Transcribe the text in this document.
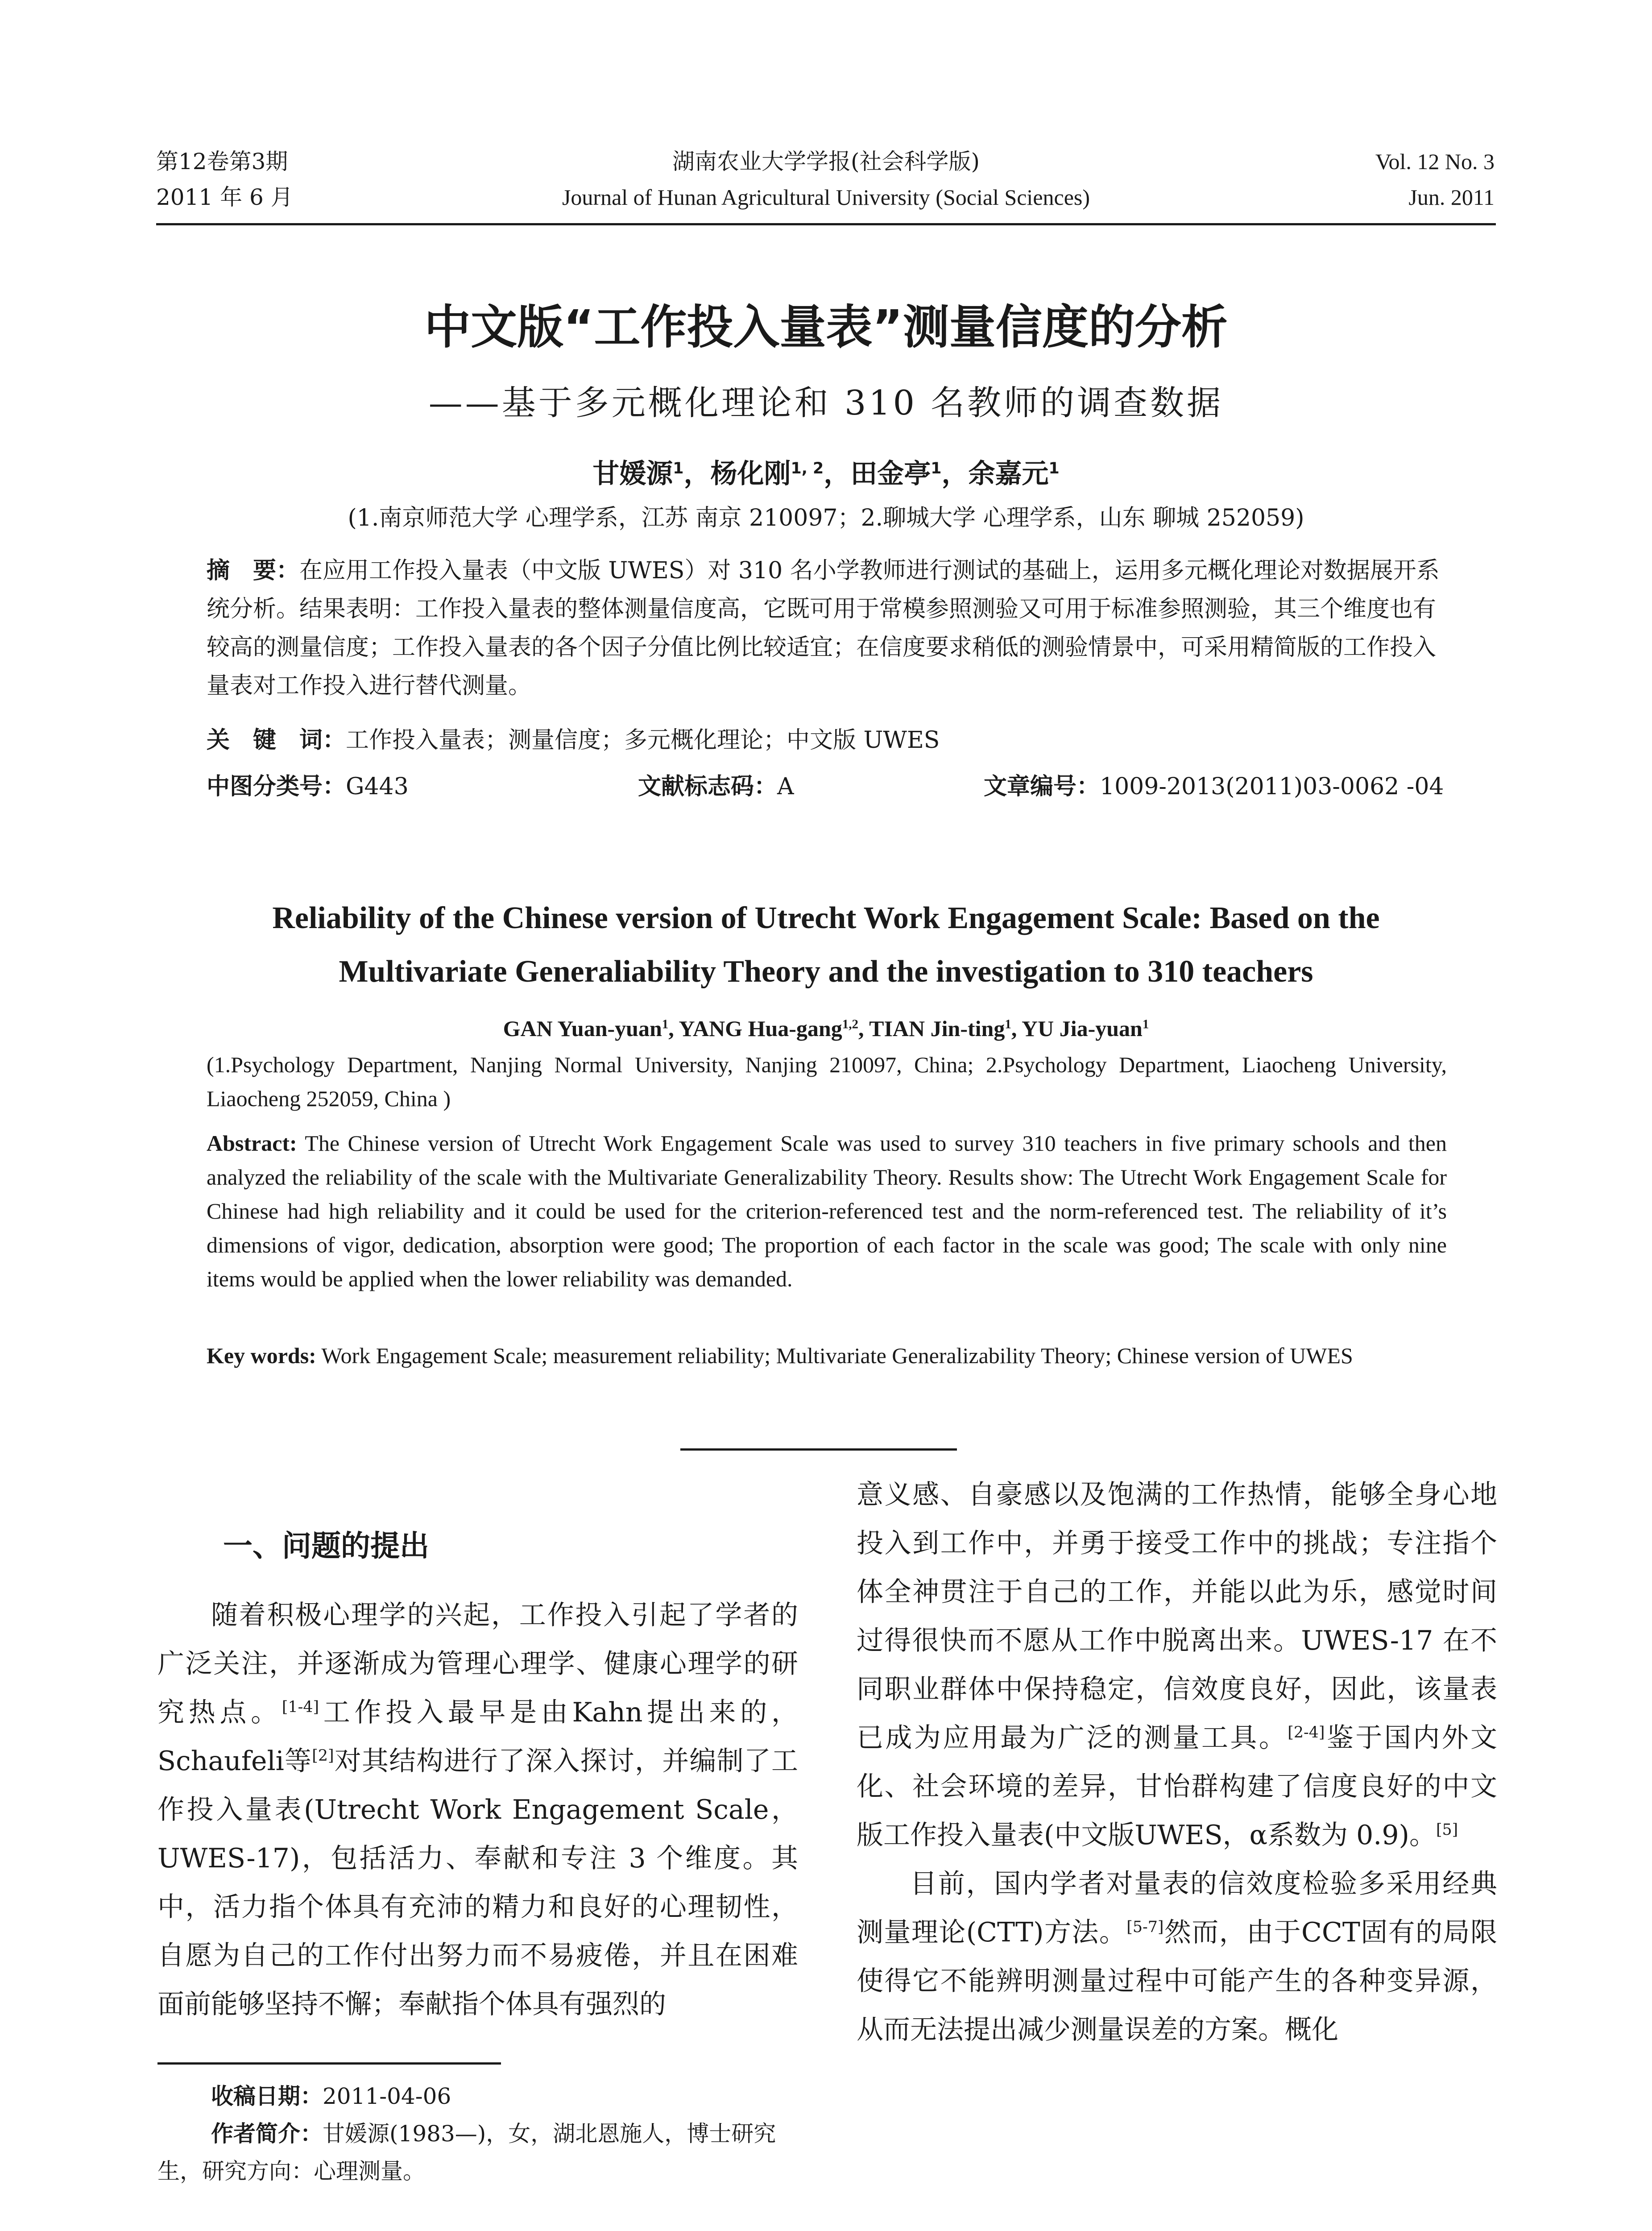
第12卷第3期
2011 年 6 月
湖南农业大学学报(社会科学版)
Journal of Hunan Agricultural University (Social Sciences)
Vol. 12 No. 3
Jun. 2011
中文版“工作投入量表”测量信度的分析
——基于多元概化理论和 310 名教师的调查数据
甘媛源$^1$，杨化刚$^{1, 2}$，田金亭$^1$，余嘉元$^1$
(1.南京师范大学 心理学系，江苏 南京 210097；2.聊城大学 心理学系，山东 聊城 252059)
摘　要：在应用工作投入量表（中文版 UWES）对 310 名小学教师进行测试的基础上，运用多元概化理论对数据展开系统分析。结果表明：工作投入量表的整体测量信度高，它既可用于常模参照测验又可用于标准参照测验，其三个维度也有较高的测量信度；工作投入量表的各个因子分值比例比较适宜；在信度要求稍低的测验情景中，可采用精简版的工作投入量表对工作投入进行替代测量。
关　键　词：工作投入量表；测量信度；多元概化理论；中文版 UWES
中图分类号：G443	文献标志码：A	文章编号：1009-2013(2011)03-0062 -04
Reliability of the Chinese version of Utrecht Work Engagement Scale: Based on the
Multivariate Generaliability Theory and the investigation to 310 teachers
GAN Yuan-yuan$^1$, YANG Hua-gang$^{1,2}$, TIAN Jin-ting$^1$, YU Jia-yuan$^1$
(1.Psychology Department, Nanjing Normal University, Nanjing 210097, China; 2.Psychology Department, Liaocheng University, Liaocheng 252059, China )
Abstract: The Chinese version of Utrecht Work Engagement Scale was used to survey 310 teachers in five primary schools and then analyzed the reliability of the scale with the Multivariate Generalizability Theory. Results show: The Utrecht Work Engagement Scale for Chinese had high reliability and it could be used for the criterion-referenced test and the norm-referenced test. The reliability of it’s dimensions of vigor, dedication, absorption were good; The proportion of each factor in the scale was good; The scale with only nine items would be applied when the lower reliability was demanded.
Key words: Work Engagement Scale; measurement reliability; Multivariate Generalizability Theory; Chinese version of UWES
一、问题的提出

随着积极心理学的兴起，工作投入引起了学者的广泛关注，并逐渐成为管理心理学、健康心理学的研究热点。[1-4]工作投入最早是由Kahn提出来的，Schaufeli等[2]对其结构进行了深入探讨，并编制了工作投入量表(Utrecht Work Engagement Scale，UWES-17)，包括活力、奉献和专注 3 个维度。其中，活力指个体具有充沛的精力和良好的心理韧性，自愿为自己的工作付出努力而不易疲倦，并且在困难面前能够坚持不懈；奉献指个体具有强烈的

意义感、自豪感以及饱满的工作热情，能够全身心地投入到工作中，并勇于接受工作中的挑战；专注指个体全神贯注于自己的工作，并能以此为乐，感觉时间过得很快而不愿从工作中脱离出来。UWES-17 在不同职业群体中保持稳定，信效度良好，因此，该量表已成为应用最为广泛的测量工具。[2-4]鉴于国内外文化、社会环境的差异，甘怡群构建了信度良好的中文版工作投入量表(中文版UWES，α系数为 0.9)。[5]

目前，国内学者对量表的信效度检验多采用经典测量理论(CTT)方法。[5-7]然而，由于CCT固有的局限使得它不能辨明测量过程中可能产生的各种变异源，从而无法提出减少测量误差的方案。概化

收稿日期：2011-04-06
作者简介：甘媛源(1983—)，女，湖北恩施人，博士研究生，研究方向：心理测量。
